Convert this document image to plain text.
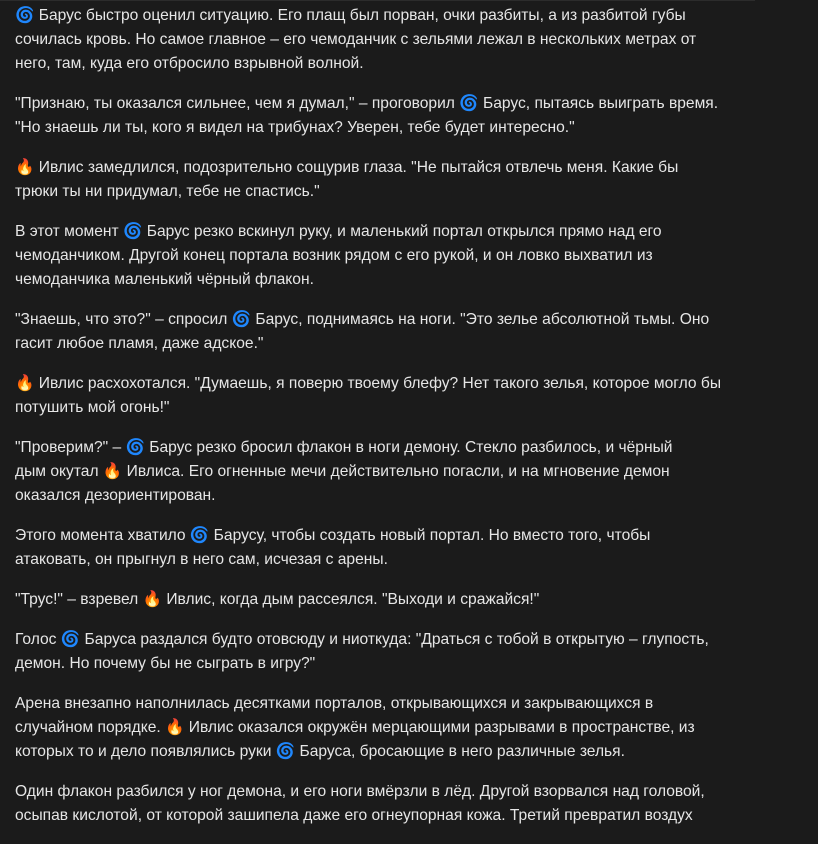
🌀 Барус быстро оценил ситуацию. Его плащ был порван, очки разбиты, а из разбитой губы
сочилась кровь. Но самое главное – его чемоданчик с зельями лежал в нескольких метрах от
него, там, куда его отбросило взрывной волной.

"Признаю, ты оказался сильнее, чем я думал," – проговорил 🌀 Барус, пытаясь выиграть время.
"Но знаешь ли ты, кого я видел на трибунах? Уверен, тебе будет интересно."

🔥 Ивлис замедлился, подозрительно сощурив глаза. "Не пытайся отвлечь меня. Какие бы
трюки ты ни придумал, тебе не спастись."

В этот момент 🌀 Барус резко вскинул руку, и маленький портал открылся прямо над его
чемоданчиком. Другой конец портала возник рядом с его рукой, и он ловко выхватил из
чемоданчика маленький чёрный флакон.

"Знаешь, что это?" – спросил 🌀 Барус, поднимаясь на ноги. "Это зелье абсолютной тьмы. Оно
гасит любое пламя, даже адское."

🔥 Ивлис расхохотался. "Думаешь, я поверю твоему блефу? Нет такого зелья, которое могло бы
потушить мой огонь!"

"Проверим?" – 🌀 Барус резко бросил флакон в ноги демону. Стекло разбилось, и чёрный
дым окутал 🔥 Ивлиса. Его огненные мечи действительно погасли, и на мгновение демон
оказался дезориентирован.

Этого момента хватило 🌀 Барусу, чтобы создать новый портал. Но вместо того, чтобы
атаковать, он прыгнул в него сам, исчезая с арены.

"Трус!" – взревел 🔥 Ивлис, когда дым рассеялся. "Выходи и сражайся!"

Голос 🌀 Баруса раздался будто отовсюду и ниоткуда: "Драться с тобой в открытую – глупость,
демон. Но почему бы не сыграть в игру?"

Арена внезапно наполнилась десятками порталов, открывающихся и закрывающихся в
случайном порядке. 🔥 Ивлис оказался окружён мерцающими разрывами в пространстве, из
которых то и дело появлялись руки 🌀 Баруса, бросающие в него различные зелья.

Один флакон разбился у ног демона, и его ноги вмёрзли в лёд. Другой взорвался над головой,
осыпав кислотой, от которой зашипела даже его огнеупорная кожа. Третий превратил воздух
